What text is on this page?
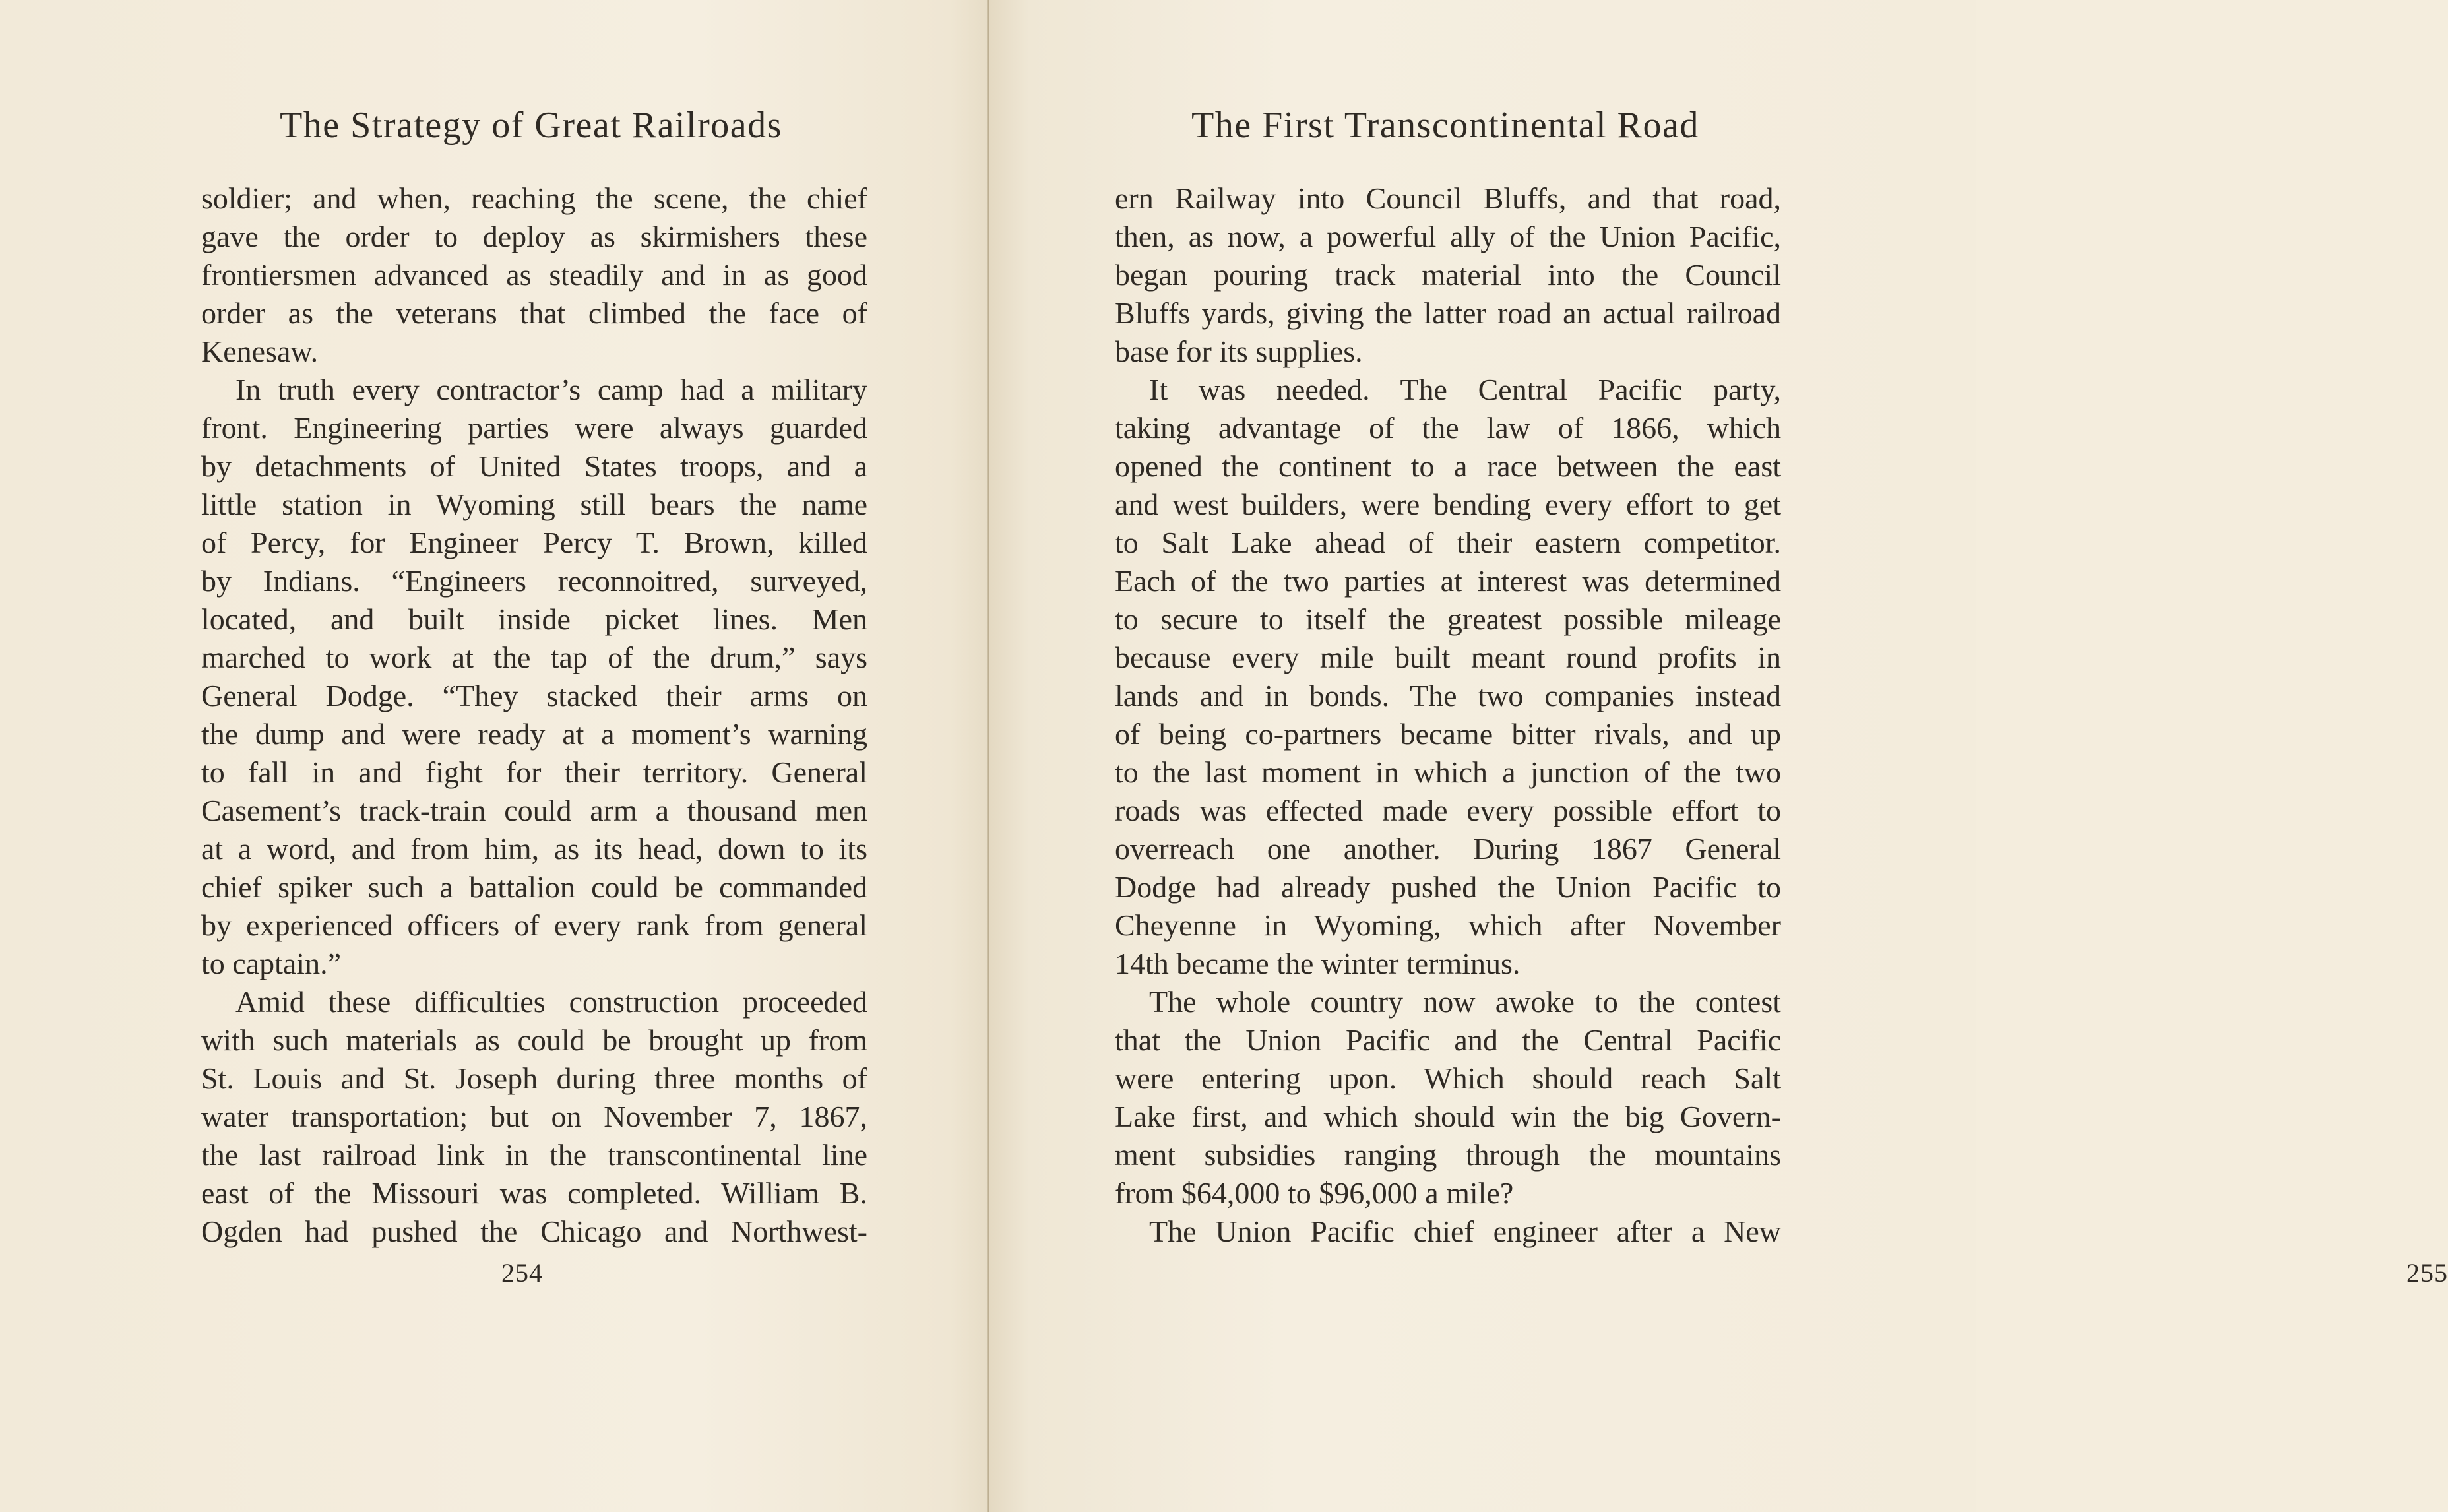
The Strategy of Great Railroads
soldier; and when, reaching the scene, the chief
gave the order to deploy as skirmishers these
frontiersmen advanced as steadily and in as good
order as the veterans that climbed the face of
Kenesaw.
In truth every contractor’s camp had a military
front. Engineering parties were always guarded
by detachments of United States troops, and a
little station in Wyoming still bears the name
of Percy, for Engineer Percy T. Brown, killed
by Indians. “Engineers reconnoitred, surveyed,
located, and built inside picket lines. Men
marched to work at the tap of the drum,” says
General Dodge. “They stacked their arms on
the dump and were ready at a moment’s warning
to fall in and fight for their territory. General
Casement’s track-train could arm a thousand men
at a word, and from him, as its head, down to its
chief spiker such a battalion could be commanded
by experienced officers of every rank from general
to captain.”
Amid these difficulties construction proceeded
with such materials as could be brought up from
St. Louis and St. Joseph during three months of
water transportation; but on November 7, 1867,
the last railroad link in the transcontinental line
east of the Missouri was completed. William B.
Ogden had pushed the Chicago and Northwest-

254

The First Transcontinental Road
ern Railway into Council Bluffs, and that road,
then, as now, a powerful ally of the Union Pacific,
began pouring track material into the Council
Bluffs yards, giving the latter road an actual railroad
base for its supplies.
It was needed. The Central Pacific party,
taking advantage of the law of 1866, which
opened the continent to a race between the east
and west builders, were bending every effort to get
to Salt Lake ahead of their eastern competitor.
Each of the two parties at interest was determined
to secure to itself the greatest possible mileage
because every mile built meant round profits in
lands and in bonds. The two companies instead
of being co-partners became bitter rivals, and up
to the last moment in which a junction of the two
roads was effected made every possible effort to
overreach one another. During 1867 General
Dodge had already pushed the Union Pacific to
Cheyenne in Wyoming, which after November
14th became the winter terminus.
The whole country now awoke to the contest
that the Union Pacific and the Central Pacific
were entering upon. Which should reach Salt
Lake first, and which should win the big Govern-
ment subsidies ranging through the mountains
from $64,000 to $96,000 a mile?
The Union Pacific chief engineer after a New

255
